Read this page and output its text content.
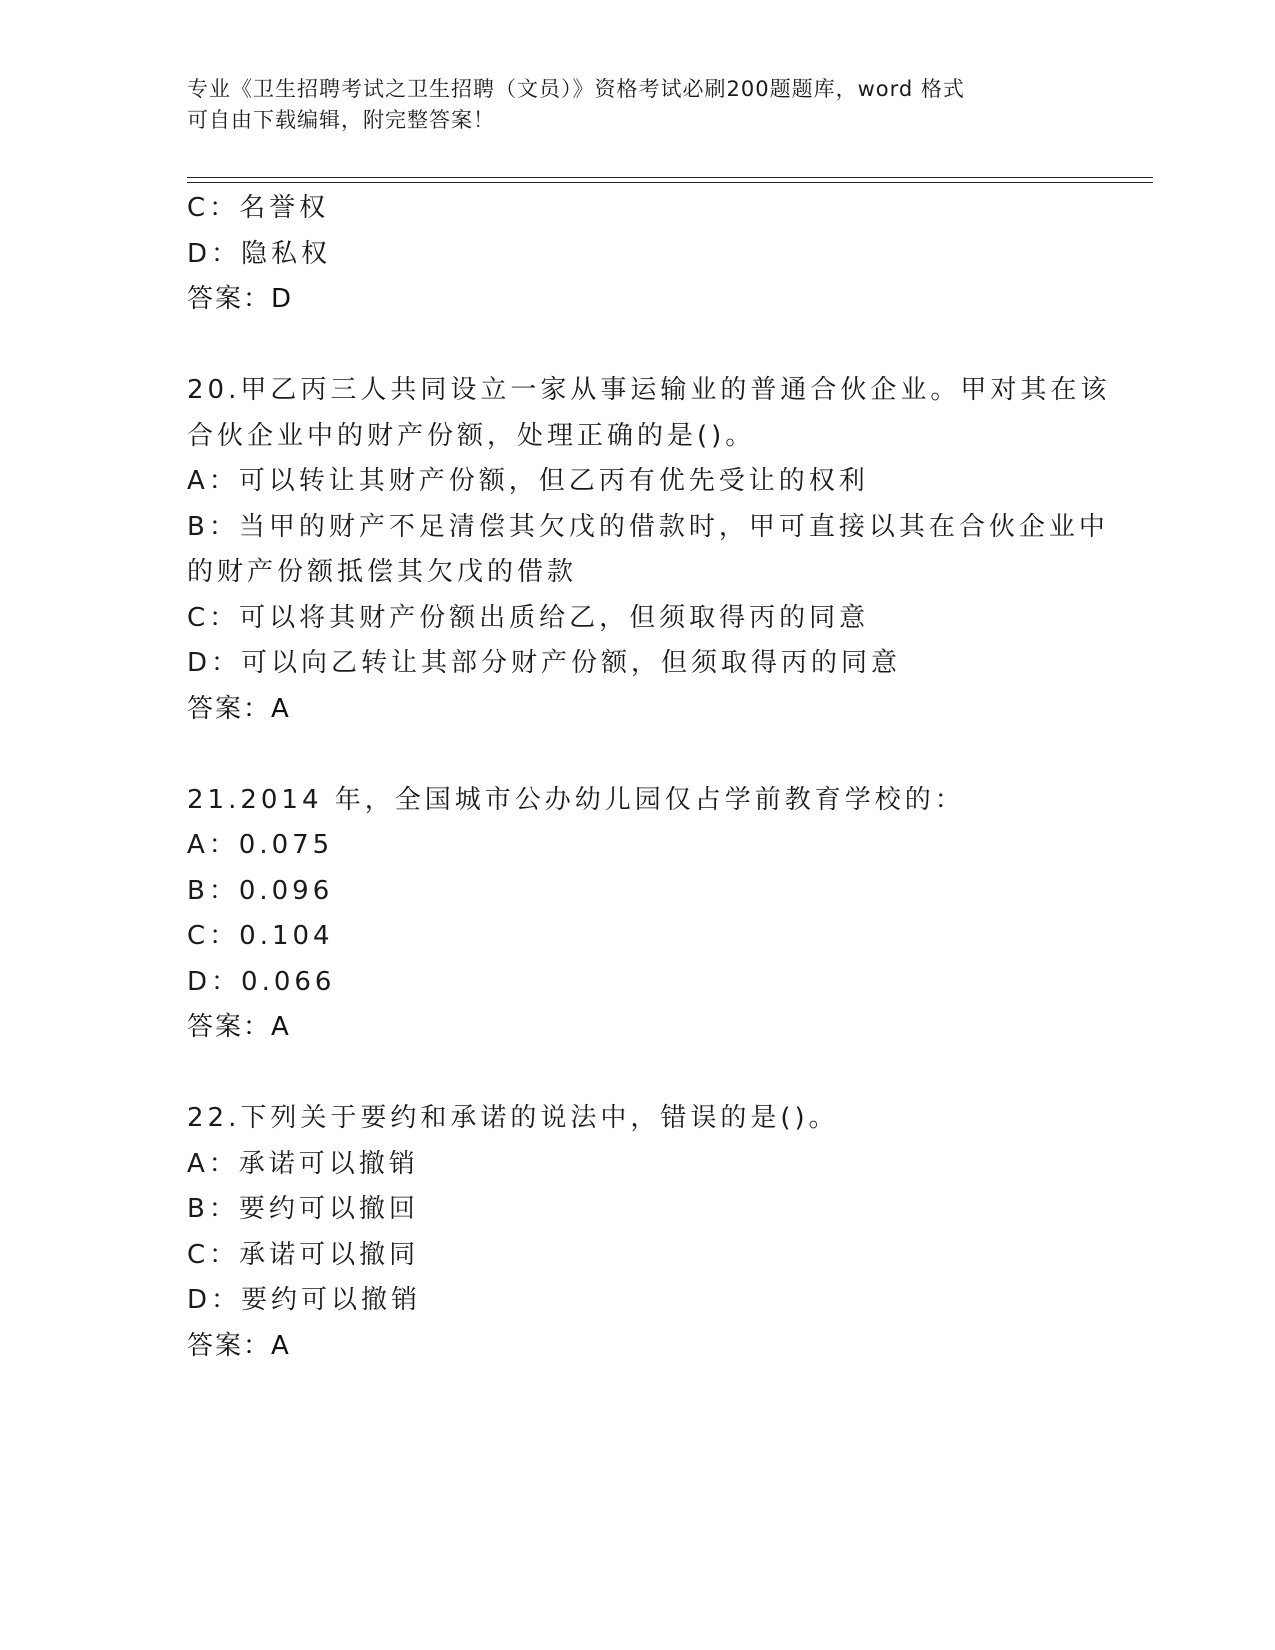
专业《卫生招聘考试之卫生招聘（文员）》资格考试必刷200题题库，word 格式
可自由下载编辑，附完整答案！
C：名誉权
D：隐私权
答案：D
20.甲乙丙三人共同设立一家从事运输业的普通合伙企业。甲对其在该
合伙企业中的财产份额，处理正确的是()。
A：可以转让其财产份额，但乙丙有优先受让的权利
B：当甲的财产不足清偿其欠戊的借款时，甲可直接以其在合伙企业中
的财产份额抵偿其欠戊的借款
C：可以将其财产份额出质给乙，但须取得丙的同意
D：可以向乙转让其部分财产份额，但须取得丙的同意
答案：A
21.2014 年，全国城市公办幼儿园仅占学前教育学校的：
A：0.075
B：0.096
C：0.104
D：0.066
答案：A
22.下列关于要约和承诺的说法中，错误的是()。
A：承诺可以撤销
B：要约可以撤回
C：承诺可以撤同
D：要约可以撤销
答案：A
